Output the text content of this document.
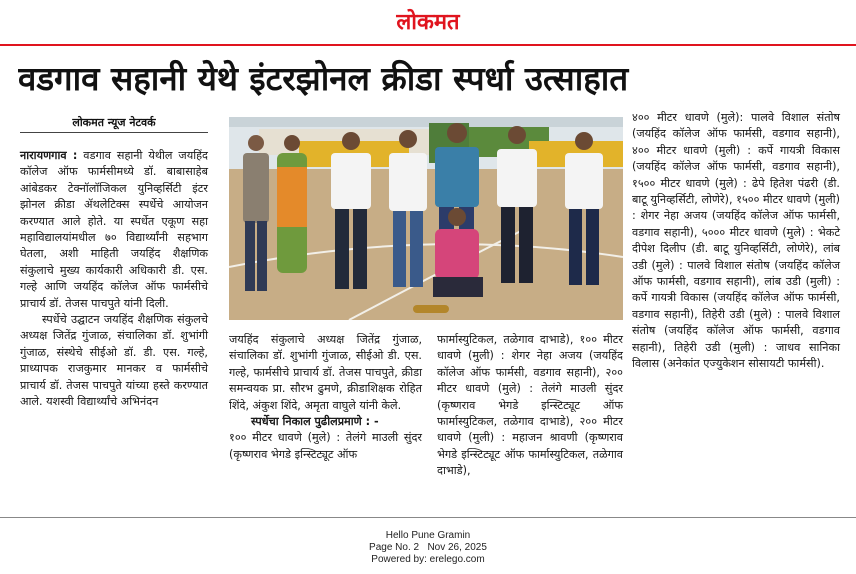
लोकमत
वडगाव सहानी येथे इंटरझोनल क्रीडा स्पर्धा उत्साहात
लोकमत न्यूज नेटवर्क
नारायणगाव : वडगाव सहानी येथील जयहिंद कॉलेज ऑफ फार्मसीमध्ये डॉ. बाबासाहेब आंबेडकर टेक्नॉलॉजिकल युनिव्हर्सिटी इंटर झोनल क्रीडा ॲथलेटिक्स स्पर्धेचे आयोजन करण्यात आले होते. या स्पर्धेत एकूण सहा महाविद्यालयांमधील ७० विद्यार्थ्यांनी सहभाग घेतला, अशी माहिती जयहिंद शैक्षणिक संकुलाचे मुख्य कार्यकारी अधिकारी डी. एस. गल्हे आणि जयहिंद कॉलेज ऑफ फार्मसीचे प्राचार्य डॉ. तेजस पाचपुते यांनी दिली.
स्पर्धेचे उद्घाटन जयहिंद शैक्षणिक संकुलचे अध्यक्ष जितेंद्र गुंजाळ, संचालिका डॉ. शुभांगी गुंजाळ, संस्थेचे सीईओ डॉ. डी. एस. गल्हे, प्राध्यापक राजकुमार मानकर व फार्मसीचे प्राचार्य डॉ. तेजस पाचपुते यांच्या हस्ते करण्यात आले. यशस्वी विद्यार्थ्यांचे अभिनंदन
जयहिंद संकुलाचे अध्यक्ष जितेंद्र गुंजाळ, संचालिका डॉ. शुभांगी गुंजाळ, सीईओ डी. एस. गल्हे, फार्मसीचे प्राचार्य डॉ. तेजस पाचपुते, क्रीडा समन्वयक प्रा. सौरभ ढुमणे, क्रीडाशिक्षक रोहित शिंदे, अंकुश शिंदे, अमृता वाघुले यांनी केले.
स्पर्धेचा निकाल पुढीलप्रमाणे : -
१०० मीटर धावणे (मुले) : तेलंगे माउली सुंदर (कृष्णराव भेगडे इन्स्टिट्यूट ऑफ
फार्मास्युटिकल, तळेगाव दाभाडे), १०० मीटर धावणे (मुली) : शेगर नेहा अजय (जयहिंद कॉलेज ऑफ फार्मसी, वडगाव सहानी), २०० मीटर धावणे (मुले) : तेलंगे माउली सुंदर (कृष्णराव भेगडे इन्स्टिट्यूट ऑफ फार्मास्युटिकल, तळेगाव दाभाडे), २०० मीटर धावणे (मुली) : महाजन श्रावणी (कृष्णराव भेगडे इन्स्टिट्यूट ऑफ फार्मास्युटिकल, तळेगाव दाभाडे),
४०० मीटर धावणे (मुले): पालवे विशाल संतोष (जयहिंद कॉलेज ऑफ फार्मसी, वडगाव सहानी), ४०० मीटर धावणे (मुली) : कर्पे गायत्री विकास (जयहिंद कॉलेज ऑफ फार्मसी, वडगाव सहानी), १५०० मीटर धावणे (मुले) : ढेपे हितेश पंढरी (डी. बाटू युनिव्हर्सिटी, लोणेरे), १५०० मीटर धावणे (मुली) : शेगर नेहा अजय (जयहिंद कॉलेज ऑफ फार्मसी, वडगाव सहानी), ५००० मीटर धावणे (मुले) : भेकटे दीपेश दिलीप (डी. बाटू युनिव्हर्सिटी, लोणेरे), लांब उडी (मुले) : पालवे विशाल संतोष (जयहिंद कॉलेज ऑफ फार्मसी, वडगाव सहानी), लांब उडी (मुली) : कर्पे गायत्री विकास (जयहिंद कॉलेज ऑफ फार्मसी, वडगाव सहानी), तिहेरी उडी (मुले) : पालवे विशाल संतोष (जयहिंद कॉलेज ऑफ फार्मसी, वडगाव सहानी), तिहेरी उडी (मुली) : जाधव सानिका विलास (अनेकांत एज्युकेशन सोसायटी फार्मसी).
Hello Pune Gramin
Page No. 2 Nov 26, 2025
Powered by: erelego.com
